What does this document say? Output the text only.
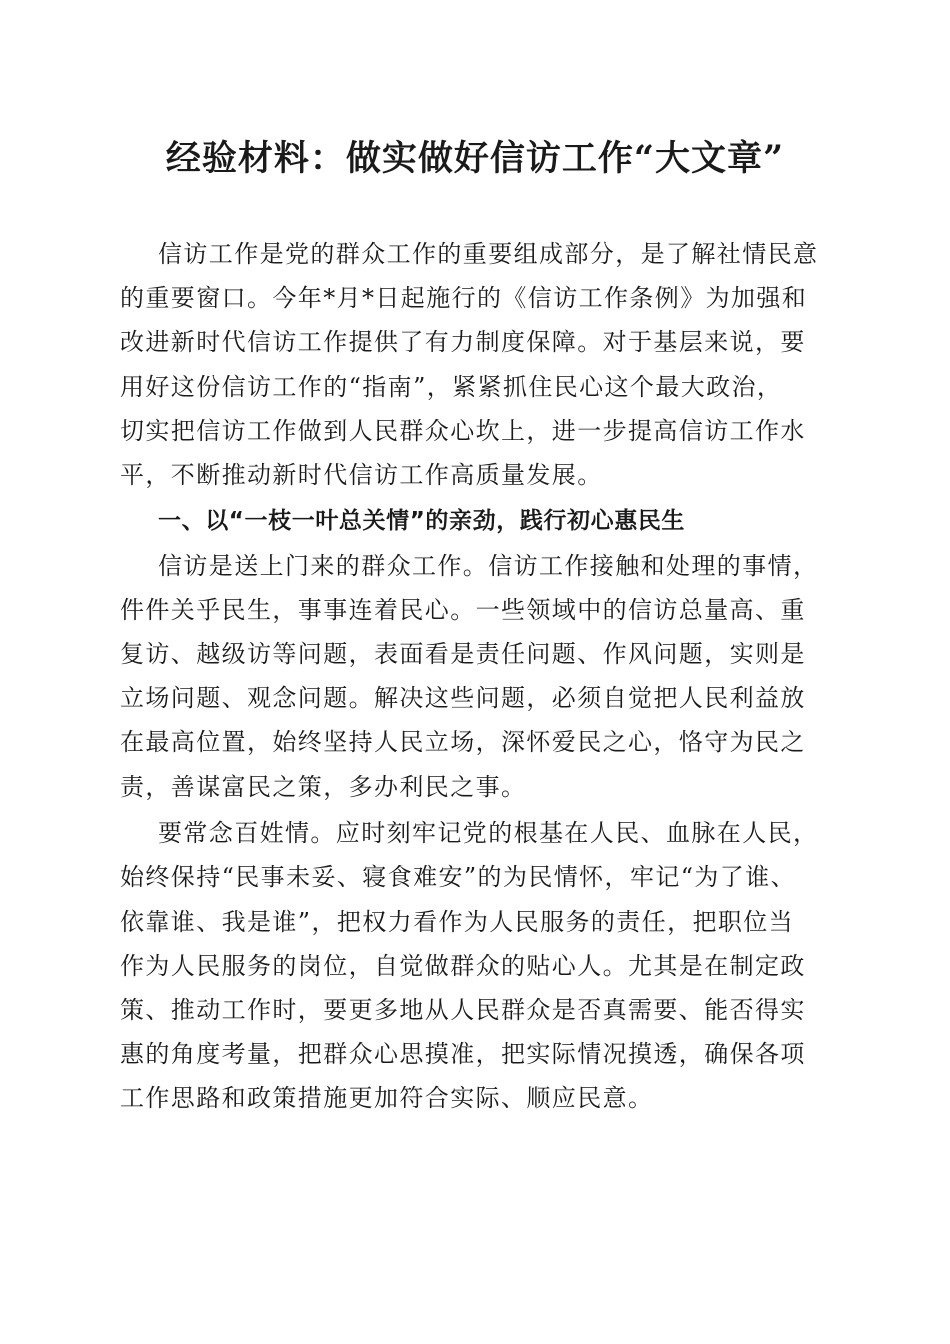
经验材料：做实做好信访工作“大文章”
信访工作是党的群众工作的重要组成部分，是了解社情民意
的重要窗口。今年*月*日起施行的《信访工作条例》为加强和
改进新时代信访工作提供了有力制度保障。对于基层来说，要
用好这份信访工作的“指南”，紧紧抓住民心这个最大政治，
切实把信访工作做到人民群众心坎上，进一步提高信访工作水
平，不断推动新时代信访工作高质量发展。
一、以“一枝一叶总关情”的亲劲，践行初心惠民生
信访是送上门来的群众工作。信访工作接触和处理的事情，
件件关乎民生，事事连着民心。一些领域中的信访总量高、重
复访、越级访等问题，表面看是责任问题、作风问题，实则是
立场问题、观念问题。解决这些问题，必须自觉把人民利益放
在最高位置，始终坚持人民立场，深怀爱民之心，恪守为民之
责，善谋富民之策，多办利民之事。
要常念百姓情。应时刻牢记党的根基在人民、血脉在人民，
始终保持“民事未妥、寝食难安”的为民情怀，牢记“为了谁、
依靠谁、我是谁”，把权力看作为人民服务的责任，把职位当
作为人民服务的岗位，自觉做群众的贴心人。尤其是在制定政
策、推动工作时，要更多地从人民群众是否真需要、能否得实
惠的角度考量，把群众心思摸准，把实际情况摸透，确保各项
工作思路和政策措施更加符合实际、顺应民意。
